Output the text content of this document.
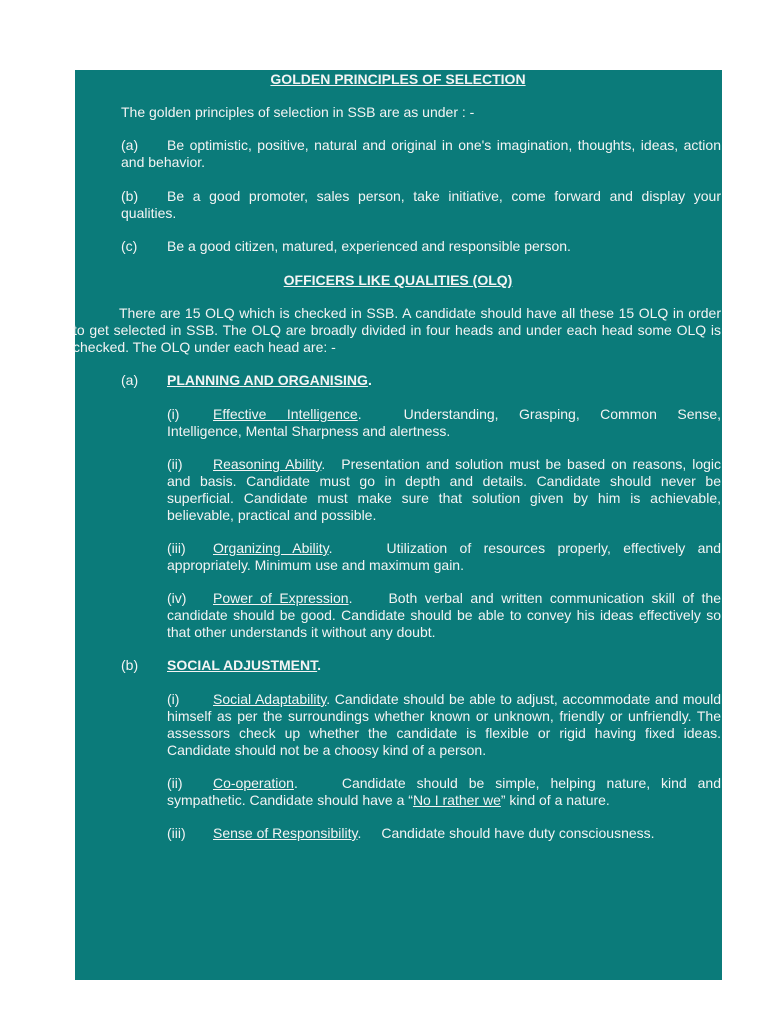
GOLDEN PRINCIPLES OF SELECTION

The golden principles of selection in SSB are as under : -

(a)	Be optimistic, positive, natural and original in one's imagination, thoughts, ideas, action and behavior.
(b)	Be a good promoter, sales person, take initiative, come forward and display your qualities.
(c)	Be a good citizen, matured, experienced and responsible person.

OFFICERS LIKE QUALITIES (OLQ)

There are 15 OLQ which is checked in SSB. A candidate should have all these 15 OLQ in order to get selected in SSB. The OLQ are broadly divided in four heads and under each head some OLQ is checked. The OLQ under each head are: -

(a)	PLANNING AND ORGANISING.
(i)	Effective Intelligence.	Understanding, Grasping, Common Sense, Intelligence, Mental Sharpness and alertness.
(ii)	Reasoning Ability. Presentation and solution must be based on reasons, logic and basis. Candidate must go in depth and details. Candidate should never be superficial. Candidate must make sure that solution given by him is achievable, believable, practical and possible.
(iii)	Organizing Ability.	Utilization of resources properly, effectively and appropriately. Minimum use and maximum gain.
(iv)	Power of Expression.	Both verbal and written communication skill of the candidate should be good. Candidate should be able to convey his ideas effectively so that other understands it without any doubt.
(b)	SOCIAL ADJUSTMENT.
(i)	Social Adaptability. Candidate should be able to adjust, accommodate and mould himself as per the surroundings whether known or unknown, friendly or unfriendly. The assessors check up whether the candidate is flexible or rigid having fixed ideas. Candidate should not be a choosy kind of a person.
(ii)	Co-operation.	Candidate should be simple, helping nature, kind and sympathetic. Candidate should have a “No I rather we” kind of a nature.
(iii)	Sense of Responsibility. Candidate should have duty consciousness.
